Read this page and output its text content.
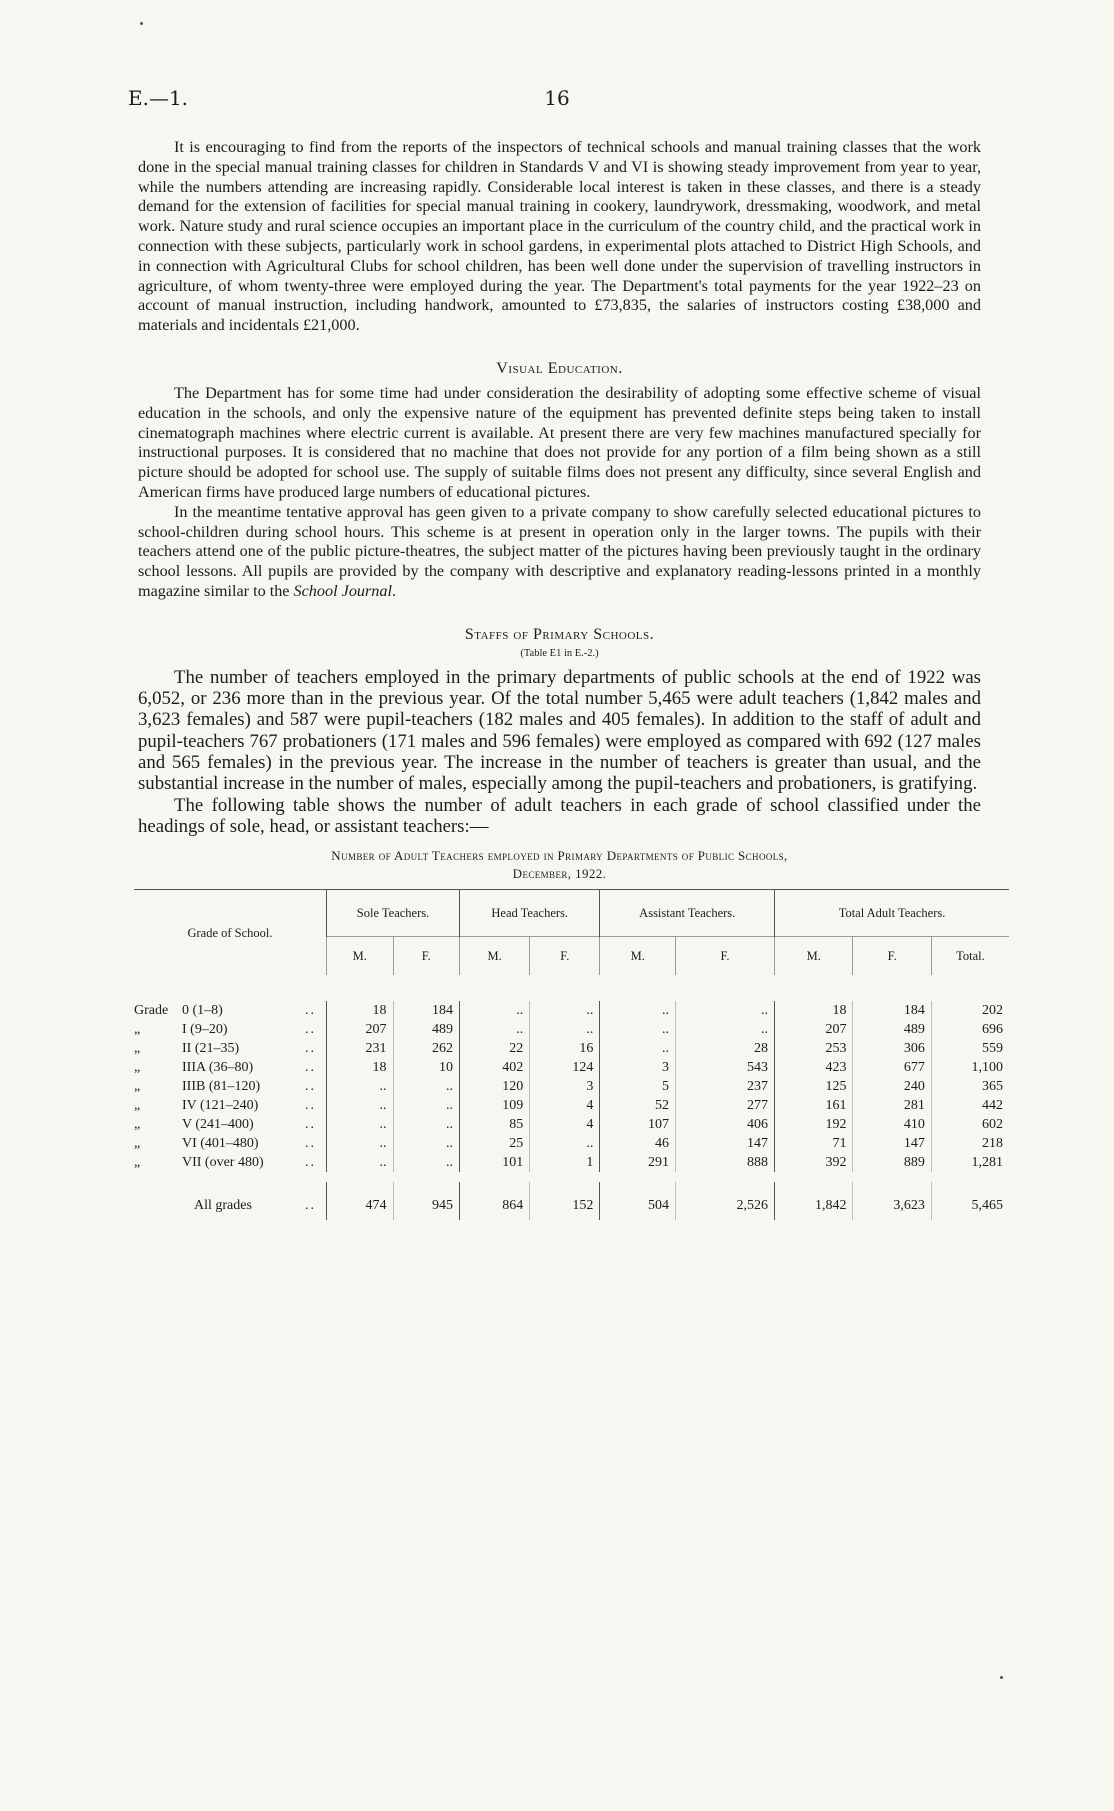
E.—1.	16

It is encouraging to find from the reports of the inspectors of technical schools and manual training classes that the work done in the special manual training classes for children in Standards V and VI is showing steady improvement from year to year, while the numbers attending are increasing rapidly. Considerable local interest is taken in these classes, and there is a steady demand for the extension of facilities for special manual training in cookery, laundrywork, dressmaking, woodwork, and metal work. Nature study and rural science occupies an important place in the curriculum of the country child, and the practical work in connection with these subjects, particularly work in school gardens, in experimental plots attached to District High Schools, and in connection with Agricultural Clubs for school children, has been well done under the supervision of travelling instructors in agriculture, of whom twenty-three were employed during the year. The Department's total payments for the year 1922–23 on account of manual instruction, including handwork, amounted to £73,835, the salaries of instructors costing £38,000 and materials and incidentals £21,000.

Visual Education.

The Department has for some time had under consideration the desirability of adopting some effective scheme of visual education in the schools, and only the expensive nature of the equipment has prevented definite steps being taken to install cinematograph machines where electric current is available. At present there are very few machines manufactured specially for instructional purposes. It is considered that no machine that does not provide for any portion of a film being shown as a still picture should be adopted for school use. The supply of suitable films does not present any difficulty, since several English and American firms have produced large numbers of educational pictures.

In the meantime tentative approval has geen given to a private company to show carefully selected educational pictures to school-children during school hours. This scheme is at present in operation only in the larger towns. The pupils with their teachers attend one of the public picture-theatres, the subject matter of the pictures having been previously taught in the ordinary school lessons. All pupils are provided by the company with descriptive and explanatory reading-lessons printed in a monthly magazine similar to the School Journal.

Staffs of Primary Schools.
(Table E1 in E.-2.)

The number of teachers employed in the primary departments of public schools at the end of 1922 was 6,052, or 236 more than in the previous year. Of the total number 5,465 were adult teachers (1,842 males and 3,623 females) and 587 were pupil-teachers (182 males and 405 females). In addition to the staff of adult and pupil-teachers 767 probationers (171 males and 596 females) were employed as compared with 692 (127 males and 565 females) in the previous year. The increase in the number of teachers is greater than usual, and the substantial increase in the number of males, especially among the pupil-teachers and probationers, is gratifying.

The following table shows the number of adult teachers in each grade of school classified under the headings of sole, head, or assistant teachers:—

Number of Adult Teachers employed in Primary Departments of Public Schools,
December, 1922.
Grade of School.	Sole Teachers.		Head Teachers.		Assistant Teachers.		Total Adult Teachers.		
	M.	F.	M.	F.	M.	F.	M.	F.	Total.

Grade 0 (1–8) ..	18	184	..	..	..	..	18	184	202
„ I (9–20) ..	207	489	..	..	..	..	207	489	696
„ II (21–35) ..	231	262	22	16	..	28	253	306	559
„ IIIA (36–80) ..	18	10	402	124	3	543	423	677	1,100
„ IIIB (81–120) ..	..	..	120	3	5	237	125	240	365
„ IV (121–240) ..	..	..	109	4	52	277	161	281	442
„ V (241–400) ..	..	..	85	4	107	406	192	410	602
„ VI (401–480) ..	..	..	25	..	46	147	71	147	218
„ VII (over 480) ..	..	..	101	1	291	888	392	889	1,281

All grades ..	474	945	864	152	504	2,526	1,842	3,623	5,465
